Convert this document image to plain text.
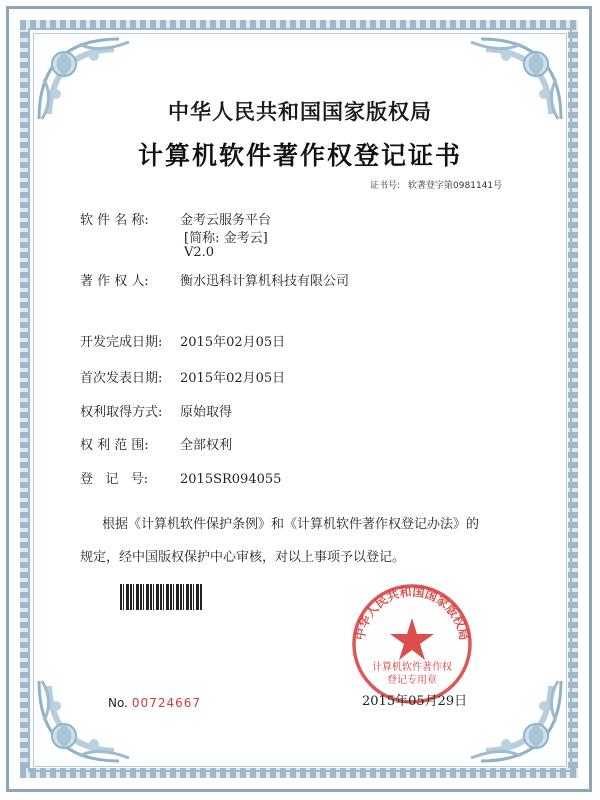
中华人民共和国国家版权局
计算机软件著作权登记证书
证书号: 软著登字第0981141号
软 件 名 称: 金考云服务平台
[简称: 金考云]
V2.0
著 作 权 人: 衡水迅科计算机科技有限公司
开发完成日期: 2015年02月05日
首次发表日期: 2015年02月05日
权利取得方式: 原始取得
权 利 范 围: 全部权利
登   记   号: 2015SR094055
根据《计算机软件保护条例》和《计算机软件著作权登记办法》的
规定，经中国版权保护中心审核，对以上事项予以登记。
No. 00724667
中华人民共和国国家版权局
计算机软件著作权
登记专用章
2015年05月29日
